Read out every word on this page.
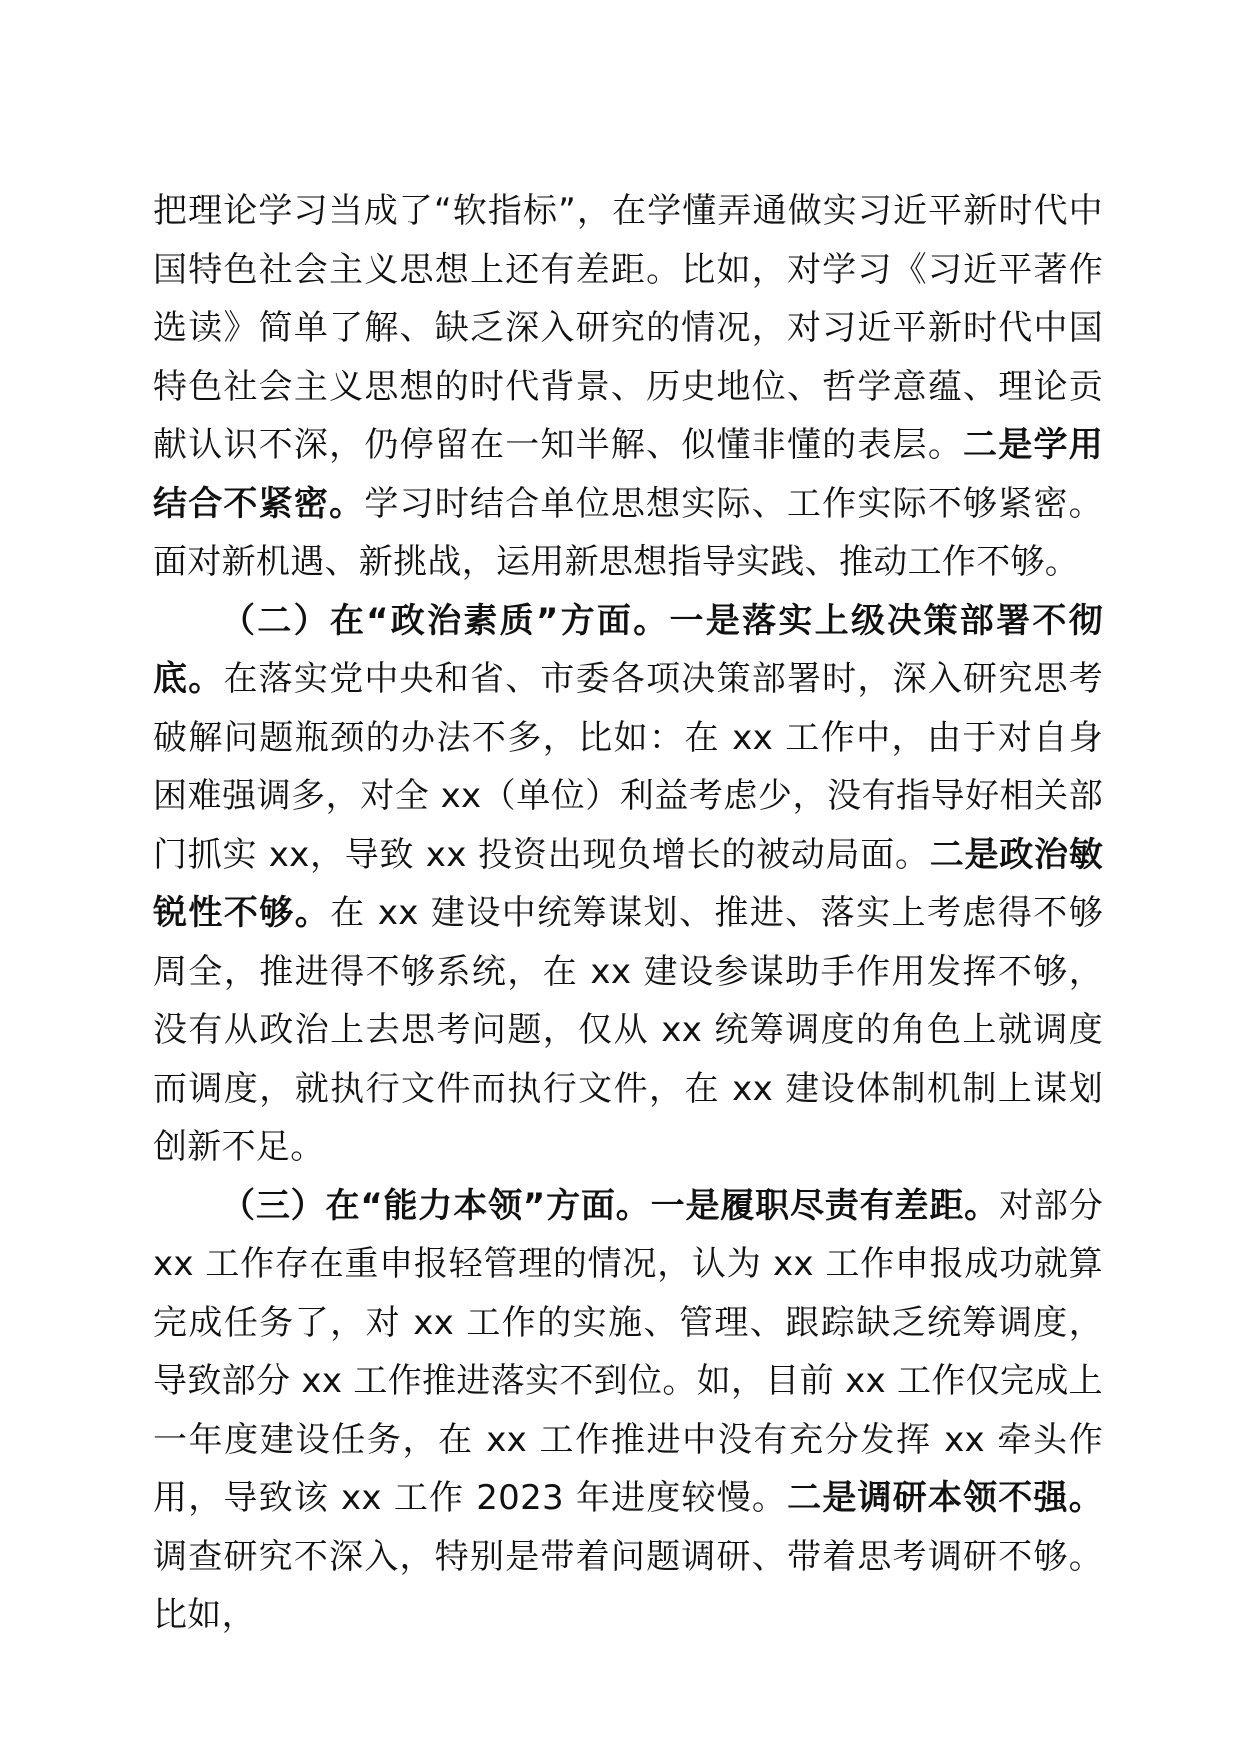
把理论学习当成了“软指标”，在学懂弄通做实习近平新时代中国特色社会主义思想上还有差距。比如，对学习《习近平著作选读》简单了解、缺乏深入研究的情况，对习近平新时代中国特色社会主义思想的时代背景、历史地位、哲学意蕴、理论贡献认识不深，仍停留在一知半解、似懂非懂的表层。二是学用结合不紧密。学习时结合单位思想实际、工作实际不够紧密。面对新机遇、新挑战，运用新思想指导实践、推动工作不够。

（二）在“政治素质”方面。一是落实上级决策部署不彻底。在落实党中央和省、市委各项决策部署时，深入研究思考破解问题瓶颈的办法不多，比如：在 xx 工作中，由于对自身困难强调多，对全 xx（单位）利益考虑少，没有指导好相关部门抓实 xx，导致 xx 投资出现负增长的被动局面。二是政治敏锐性不够。在 xx 建设中统筹谋划、推进、落实上考虑得不够周全，推进得不够系统，在 xx 建设参谋助手作用发挥不够，没有从政治上去思考问题，仅从 xx 统筹调度的角色上就调度而调度，就执行文件而执行文件，在 xx 建设体制机制上谋划创新不足。

（三）在“能力本领”方面。一是履职尽责有差距。对部分 xx 工作存在重申报轻管理的情况，认为 xx 工作申报成功就算完成任务了，对 xx 工作的实施、管理、跟踪缺乏统筹调度，导致部分 xx 工作推进落实不到位。如，目前 xx 工作仅完成上一年度建设任务，在 xx 工作推进中没有充分发挥 xx 牵头作用，导致该 xx 工作 2023 年进度较慢。二是调研本领不强。调查研究不深入，特别是带着问题调研、带着思考调研不够。比如，
